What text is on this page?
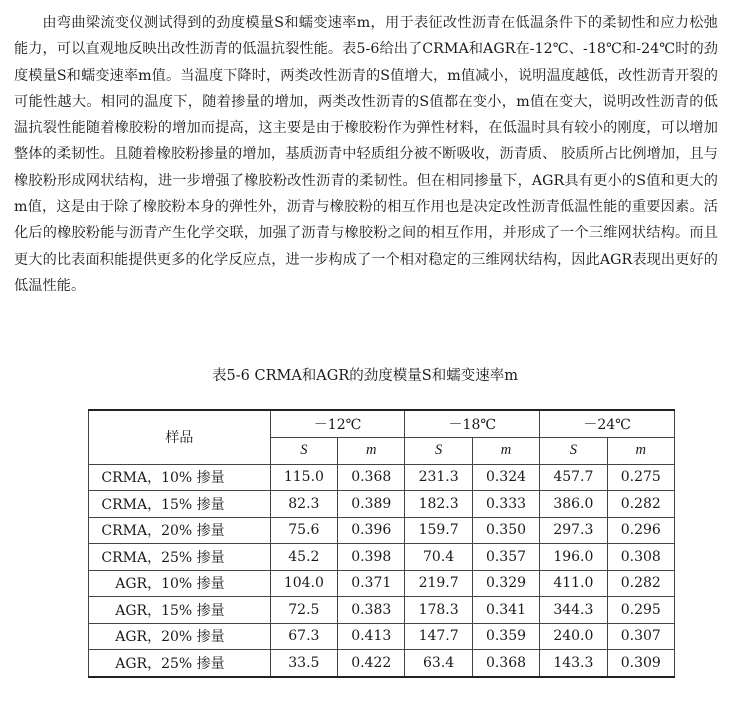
由弯曲梁流变仪测试得到的劲度模量S和蠕变速率m，用于表征改性沥青在低温条件下的柔韧性和应力松弛能力，可以直观地反映出改性沥青的低温抗裂性能。表5-6给出了CRMA和AGR在-12℃、-18℃和-24℃时的劲度模量S和蠕变速率m值。当温度下降时，两类改性沥青的S值增大，m值减小，说明温度越低，改性沥青开裂的可能性越大。相同的温度下，随着掺量的增加，两类改性沥青的S值都在变小，m值在变大，说明改性沥青的低温抗裂性能随着橡胶粉的增加而提高，这主要是由于橡胶粉作为弹性材料，在低温时具有较小的刚度，可以增加整体的柔韧性。且随着橡胶粉掺量的增加，基质沥青中轻质组分被不断吸收，沥青质、 胶质所占比例增加，且与橡胶粉形成网状结构，进一步增强了橡胶粉改性沥青的柔韧性。但在相同掺量下，AGR具有更小的S值和更大的m值，这是由于除了橡胶粉本身的弹性外，沥青与橡胶粉的相互作用也是决定改性沥青低温性能的重要因素。活化后的橡胶粉能与沥青产生化学交联，加强了沥青与橡胶粉之间的相互作用，并形成了一个三维网状结构。而且更大的比表面积能提供更多的化学反应点，进一步构成了一个相对稳定的三维网状结构，因此AGR表现出更好的低温性能。

表5-6 CRMA和AGR的劲度模量S和蠕变速率m

样品	－12℃		－18℃		－24℃	
	S	m	S	m	S	m
CRMA，10% 掺量	115.0	0.368	231.3	0.324	457.7	0.275
CRMA，15% 掺量	82.3	0.389	182.3	0.333	386.0	0.282
CRMA，20% 掺量	75.6	0.396	159.7	0.350	297.3	0.296
CRMA，25% 掺量	45.2	0.398	70.4	0.357	196.0	0.308
AGR，10% 掺量	104.0	0.371	219.7	0.329	411.0	0.282
AGR，15% 掺量	72.5	0.383	178.3	0.341	344.3	0.295
AGR，20% 掺量	67.3	0.413	147.7	0.359	240.0	0.307
AGR，25% 掺量	33.5	0.422	63.4	0.368	143.3	0.309
